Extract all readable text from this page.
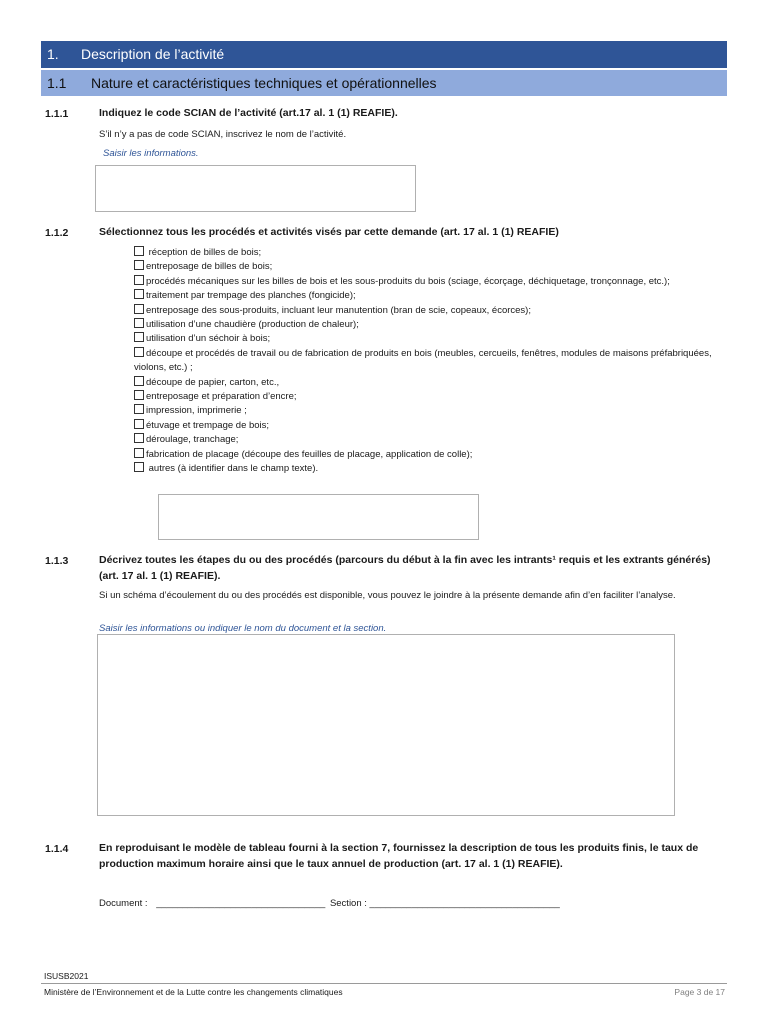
1. Description de l’activité
1.1 Nature et caractéristiques techniques et opérationnelles
1.1.1	Indiquez le code SCIAN de l’activité (art.17 al. 1 (1) REAFIE).
S’il n’y a pas de code SCIAN, inscrivez le nom de l’activité.
Saisir les informations.
1.1.2	Sélectionnez tous les procédés et activités visés par cette demande (art. 17 al. 1 (1) REAFIE)
réception de billes de bois;
entreposage de billes de bois;
procédés mécaniques sur les billes de bois et les sous-produits du bois (sciage, écorçage, déchiquetage, tronçonnage, etc.);
traitement par trempage des planches (fongicide);
entreposage des sous-produits, incluant leur manutention (bran de scie, copeaux, écorces);
utilisation d’une chaudière (production de chaleur);
utilisation d’un séchoir à bois;
découpe et procédés de travail ou de fabrication de produits en bois (meubles, cercueils, fenêtres, modules de maisons préfabriquées, violons, etc.) ;
découpe de papier, carton, etc.,
entreposage et préparation d’encre;
impression, imprimerie ;
étuvage et trempage de bois;
déroulage, tranchage;
fabrication de placage (découpe des feuilles de placage, application de colle);
autres (à identifier dans le champ texte).
1.1.3	Décrivez toutes les étapes du ou des procédés (parcours du début à la fin avec les intrants¹ requis et les extrants générés) (art. 17 al. 1 (1) REAFIE).
Si un schéma d’écoulement du ou des procédés est disponible, vous pouvez le joindre à la présente demande afin d’en faciliter l’analyse.
Saisir les informations ou indiquer le nom du document et la section.
1.1.4	En reproduisant le modèle de tableau fourni à la section 7, fournissez la description de tous les produits finis, le taux de production maximum horaire ainsi que le taux annuel de production (art. 17 al. 1 (1) REAFIE).
Document : ________________________________ Section : ____________________________________
ISUSB2021
Ministère de l’Environnement et de la Lutte contre les changements climatiques	Page 3 de 17
